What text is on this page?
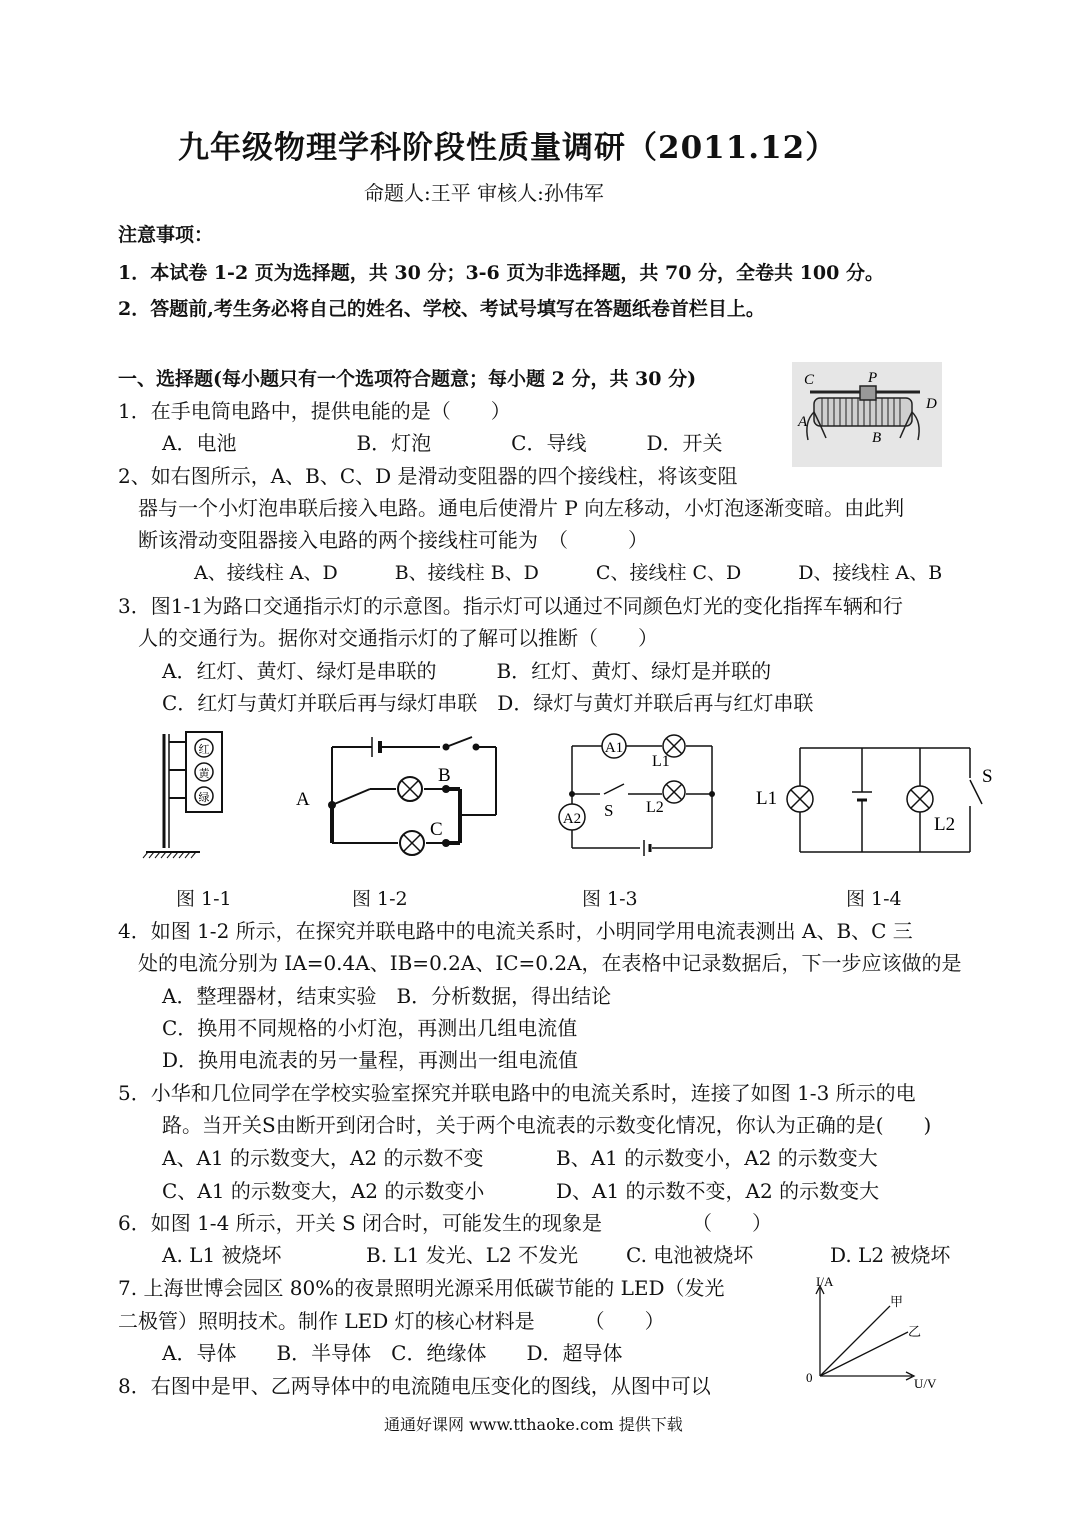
九年级物理学科阶段性质量调研（2011.12）
命题人:王平 审核人:孙伟军
注意事项：
1．本试卷 1-2 页为选择题，共 30 分；3-6 页为非选择题，共 70 分，全卷共 100 分。
2．答题前,考生务必将自己的姓名、学校、考试号填写在答题纸卷首栏目上。
一、选择题(每小题只有一个选项符合题意；每小题 2 分，共 30 分)
1．在手电筒电路中，提供电能的是（　　）
A．电池　　　　　　B．灯泡　　　　C．导线　　　D．开关
2、如右图所示，A、B、C、D 是滑动变阻器的四个接线柱，将该变阻
器与一个小灯泡串联后接入电路。通电后使滑片 P 向左移动，小灯泡逐渐变暗。由此判
断该滑动变阻器接入电路的两个接线柱可能为　（　　　）
A、接线柱 A、D　　　B、接线柱 B、D　　　C、接线柱 C、D　　　D、接线柱 A、B
3．图1-1为路口交通指示灯的示意图。指示灯可以通过不同颜色灯光的变化指挥车辆和行
人的交通行为。据你对交通指示灯的了解可以推断（　　）
A．红灯、黄灯、绿灯是串联的　　　B．红灯、黄灯、绿灯是并联的
C．红灯与黄灯并联后再与绿灯串联　D．绿灯与黄灯并联后再与红灯串联
红
黄
绿	A
B
C
A1
L1
S L2
A2
L1
S
L2
图 1-1	图 1-2	图 1-3	图 1-4
4．如图 1-2 所示，在探究并联电路中的电流关系时，小明同学用电流表测出 A、B、C 三
处的电流分别为 IA=0.4A、IB=0.2A、IC=0.2A，在表格中记录数据后，下一步应该做的是
A．整理器材，结束实验　B．分析数据，得出结论
C．换用不同规格的小灯泡，再测出几组电流值
D．换用电流表的另一量程，再测出一组电流值
5．小华和几位同学在学校实验室探究并联电路中的电流关系时，连接了如图 1-3 所示的电
路。当开关S由断开到闭合时，关于两个电流表的示数变化情况，你认为正确的是(　　)
A、A1 的示数变大，A2 的示数不变	B、A1 的示数变小，A2 的示数变大
C、A1 的示数变大，A2 的示数变小	D、A1 的示数不变，A2 的示数变大
6．如图 1-4 所示，开关 S 闭合时，可能发生的现象是　　　　　（　　）
A. L1 被烧坏	B. L1 发光、L2 不发光 C. 电池被烧坏	D. L2 被烧坏
7. 上海世博会园区 80%的夜景照明光源采用低碳节能的 LED（发光
二极管）照明技术。制作 LED 灯的核心材料是　　　（　　）
A．导体　　B．半导体　C．绝缘体　　D．超导体
8．右图中是甲、乙两导体中的电流随电压变化的图线，从图中可以
C	P
D
A
B
I/A
U/V
0
甲
乙
通通好课网 www.tthaoke.com 提供下载
